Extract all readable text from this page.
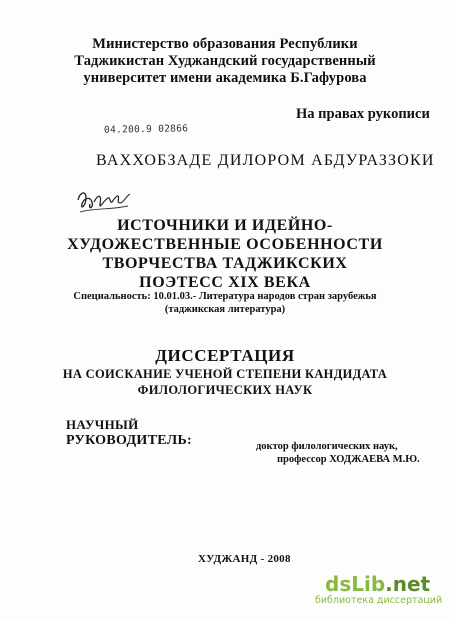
Министерство образования Республики
Таджикистан Худжандский государственный
университет имени академика Б.Гафурова
На правах рукописи
04.200.9 02866
ВАХХОБЗАДЕ ДИЛОРОМ АБДУРАЗЗОКИ
ИСТОЧНИКИ И ИДЕЙНО-
ХУДОЖЕСТВЕННЫЕ ОСОБЕННОСТИ
ТВОРЧЕСТВА ТАДЖИКСКИХ
ПОЭТЕСС XIX ВЕКА
Специальность: 10.01.03.- Литература народов стран зарубежья
(таджикская литература)
ДИССЕРТАЦИЯ
НА СОИСКАНИЕ УЧЕНОЙ СТЕПЕНИ КАНДИДАТА
ФИЛОЛОГИЧЕСКИХ НАУК
НАУЧНЫЙ
РУКОВОДИТЕЛЬ:	доктор филологических наук,
профессор ХОДЖАЕВА М.Ю.
ХУДЖАНД - 2008
dsLib.net
библиотека диссертаций
